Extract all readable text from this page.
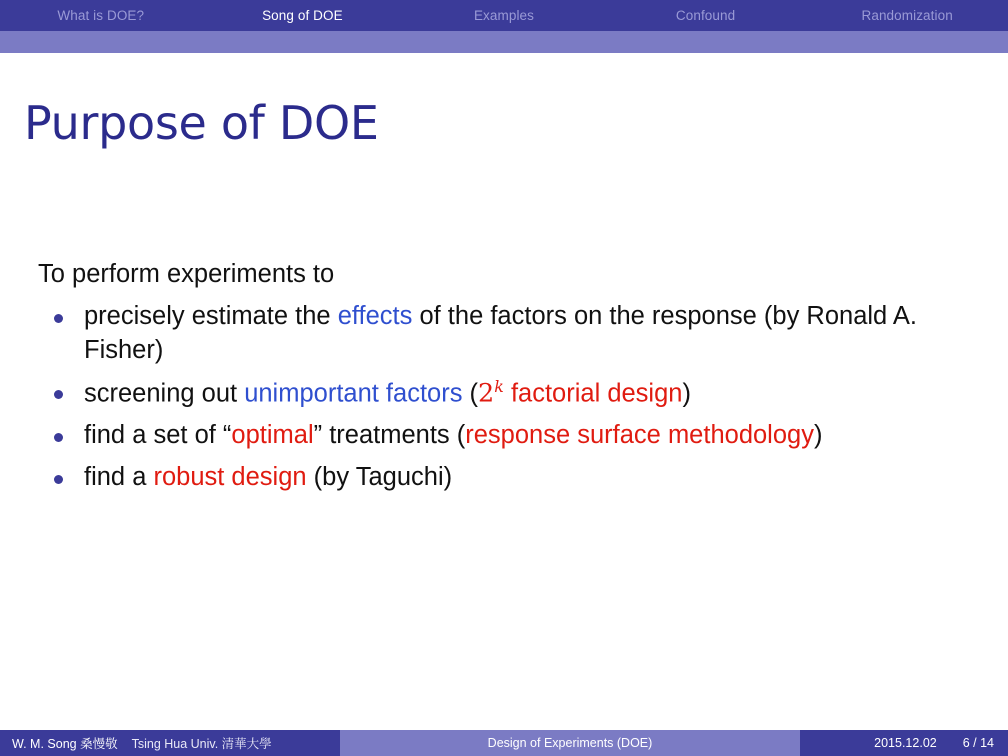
What is DOE?	Song of DOE	Examples	Confound	Randomization
Purpose of DOE
To perform experiments to
precisely estimate the effects of the factors on the response (by Ronald A. Fisher)
screening out unimportant factors (2$^k$ factorial design)
find a set of “optimal” treatments (response surface methodology)
find a robust design (by Taguchi)
W. M. Song 桑慢敬 Tsing Hua Univ. 清華大學	Design of Experiments (DOE)	2015.12.02 6 / 14
